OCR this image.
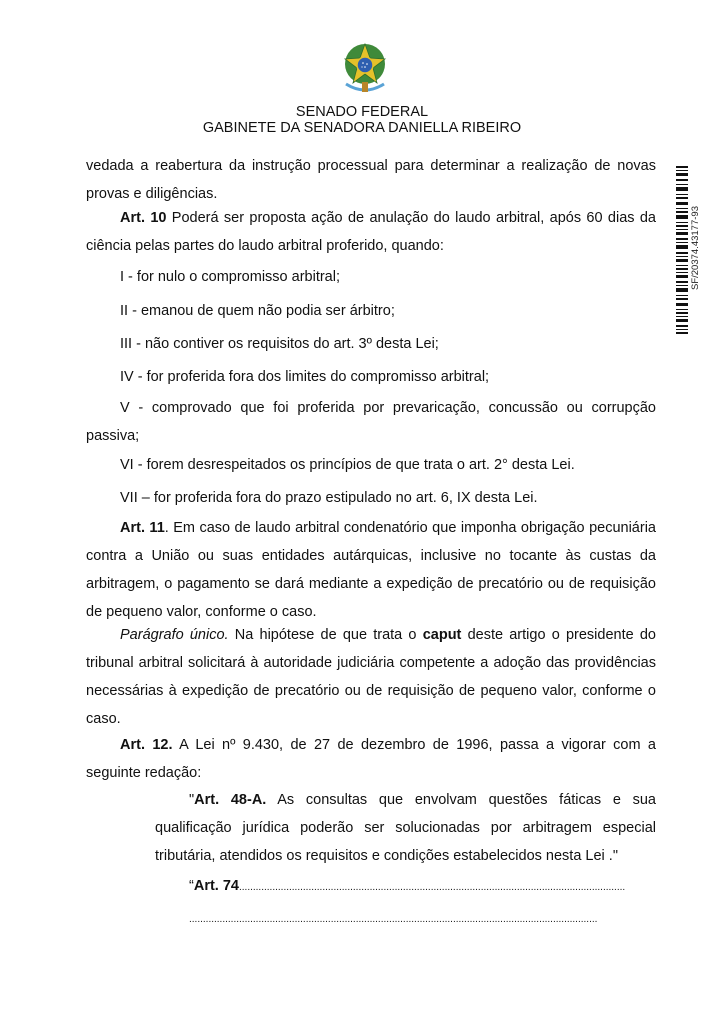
SENADO FEDERAL
GABINETE DA SENADORA DANIELLA RIBEIRO
SF/20374.43177-93
vedada a reabertura da instrução processual para determinar a realização de novas provas e diligências.
Art. 10 Poderá ser proposta ação de anulação do laudo arbitral, após 60 dias da ciência pelas partes do laudo arbitral proferido, quando:
I - for nulo o compromisso arbitral;
II - emanou de quem não podia ser árbitro;
III - não contiver os requisitos do art. 3º desta Lei;
IV - for proferida fora dos limites do compromisso arbitral;
V - comprovado que foi proferida por prevaricação, concussão ou corrupção passiva;
VI - forem desrespeitados os princípios de que trata o art. 2° desta Lei.
VII – for proferida fora do prazo estipulado no art. 6, IX desta Lei.
Art. 11. Em caso de laudo arbitral condenatório que imponha obrigação pecuniária contra a União ou suas entidades autárquicas, inclusive no tocante às custas da arbitragem, o pagamento se dará mediante a expedição de precatório ou de requisição de pequeno valor, conforme o caso.
Parágrafo único. Na hipótese de que trata o caput deste artigo o presidente do tribunal arbitral solicitará à autoridade judiciária competente a adoção das providências necessárias à expedição de precatório ou de requisição de pequeno valor, conforme o caso.
Art. 12. A Lei nº 9.430, de 27 de dezembro de 1996, passa a vigorar com a seguinte redação:
"Art. 48-A. As consultas que envolvam questões fáticas e sua qualificação jurídica poderão ser solucionadas por arbitragem especial tributária, atendidos os requisitos e condições estabelecidos nesta Lei ."
“Art. 74...........................................................................................................................................
...................................................................................................................................................
